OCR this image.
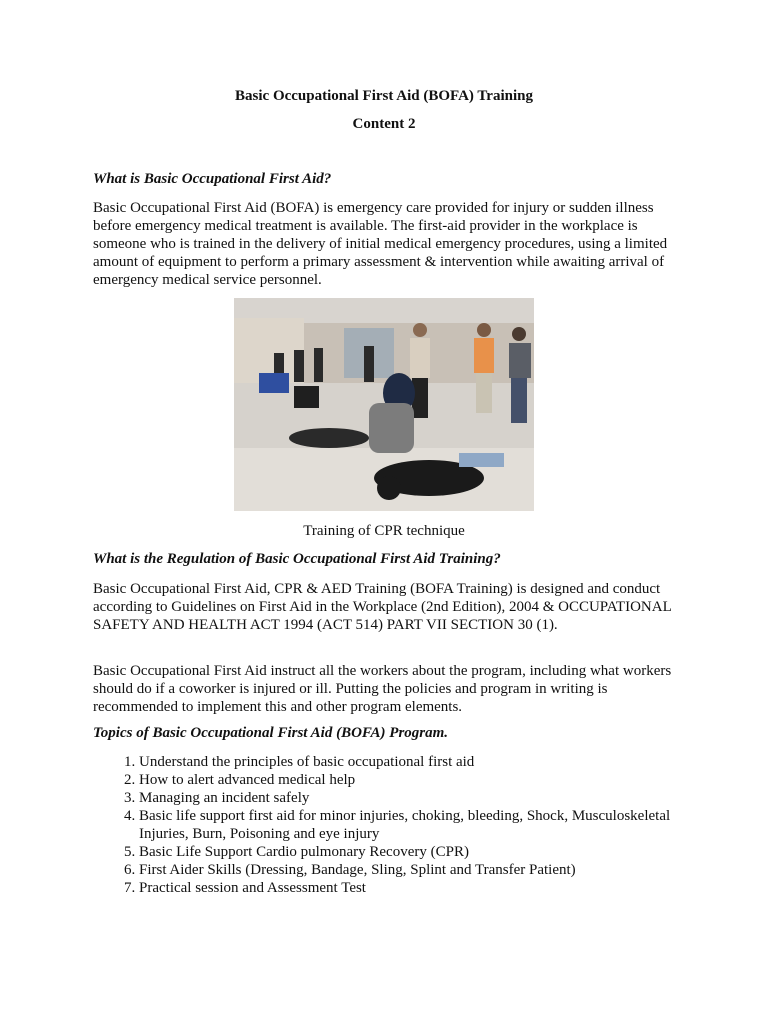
Basic Occupational First Aid (BOFA) Training
Content 2
What is Basic Occupational First Aid?
Basic Occupational First Aid (BOFA) is emergency care provided for injury or sudden illness before emergency medical treatment is available. The first-aid provider in the workplace is someone who is trained in the delivery of initial medical emergency procedures, using a limited amount of equipment to perform a primary assessment & intervention while awaiting arrival of emergency medical service personnel.
Training of CPR technique
What is the Regulation of Basic Occupational First Aid Training?
Basic Occupational First Aid, CPR & AED Training (BOFA Training) is designed and conduct according to Guidelines on First Aid in the Workplace (2nd Edition), 2004 & OCCUPATIONAL SAFETY AND HEALTH ACT 1994 (ACT 514) PART VII SECTION 30 (1).
Basic Occupational First Aid instruct all the workers about the program, including what workers should do if a coworker is injured or ill. Putting the policies and program in writing is recommended to implement this and other program elements.
Topics of Basic Occupational First Aid (BOFA) Program.
1. Understand the principles of basic occupational first aid
2. How to alert advanced medical help
3. Managing an incident safely
4. Basic life support first aid for minor injuries, choking, bleeding, Shock, Musculoskeletal Injuries, Burn, Poisoning and eye injury
5. Basic Life Support Cardio pulmonary Recovery (CPR)
6. First Aider Skills (Dressing, Bandage, Sling, Splint and Transfer Patient)
7. Practical session and Assessment Test
